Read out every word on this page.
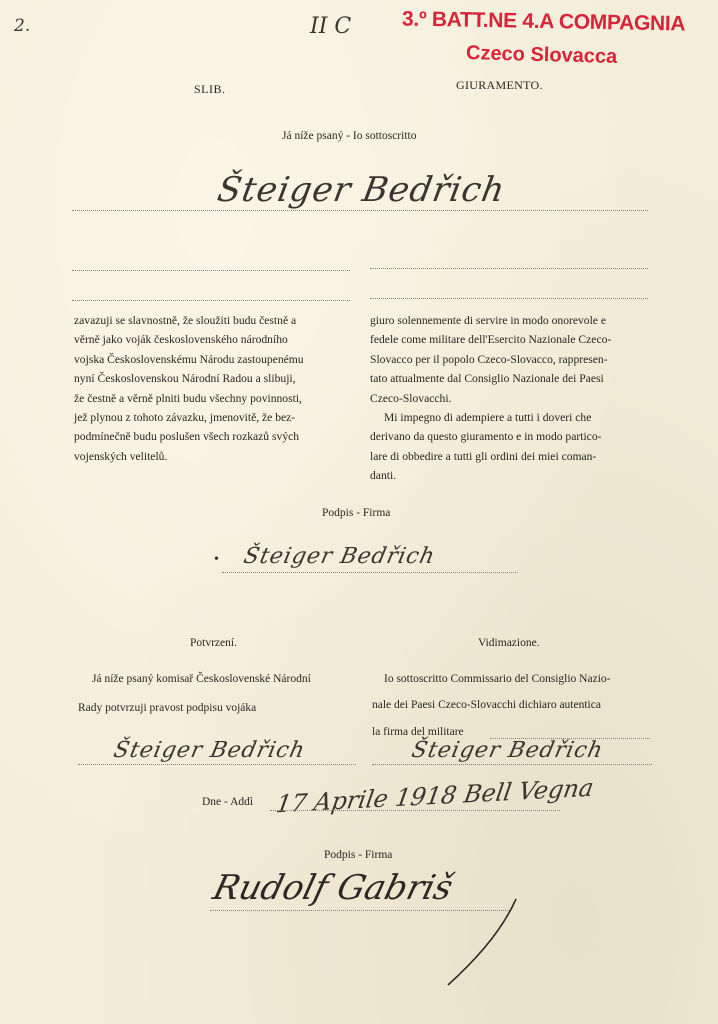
2.	II C 3.º BATT.NE 4.A COMPAGNIA
Czeco Slovacca
SLIB.	GIURAMENTO.
Já níže psaný - Io sottoscritto
Šteiger Bedřich
zavazuji se slavnostně, že sloužiti budu čestně a
věrně jako voják československého národního
vojska Československému Národu zastoupenému
nyní Československou Národní Radou a slibuji,
že čestně a věrně plniti budu všechny povinnosti,
jež plynou z tohoto závazku, jmenovitě, že bez-
podmínečně budu poslušen všech rozkazů svých
vojenských velitelů.
giuro solennemente di servire in modo onorevole e
fedele come militare dell'Esercito Nazionale Czeco-
Slovacco per il popolo Czeco-Slovacco, rappresen-
tato attualmente dal Consiglio Nazionale dei Paesi
Czeco-Slovacchi.
Mi impegno di adempiere a tutti i doveri che
derivano da questo giuramento e in modo partico-
lare di obbedire a tutti gli ordini dei miei coman-
danti.
Podpis - Firma
• Šteiger Bedřich
Potvrzení.
Já níže psaný komisař Československé Národní
Rady potvrzuji pravost podpisu vojáka
Šteiger Bedřich
Vidimazione.
Io sottoscritto Commissario del Consiglio Nazio-
nale dei Paesi Czeco-Slovacchi dichiaro autentica
la firma del militare
Šteiger Bedřich
Dne - Addì 17 Aprile 1918 Bell Vegna
Podpis - Firma
Rudolf Gabriš
